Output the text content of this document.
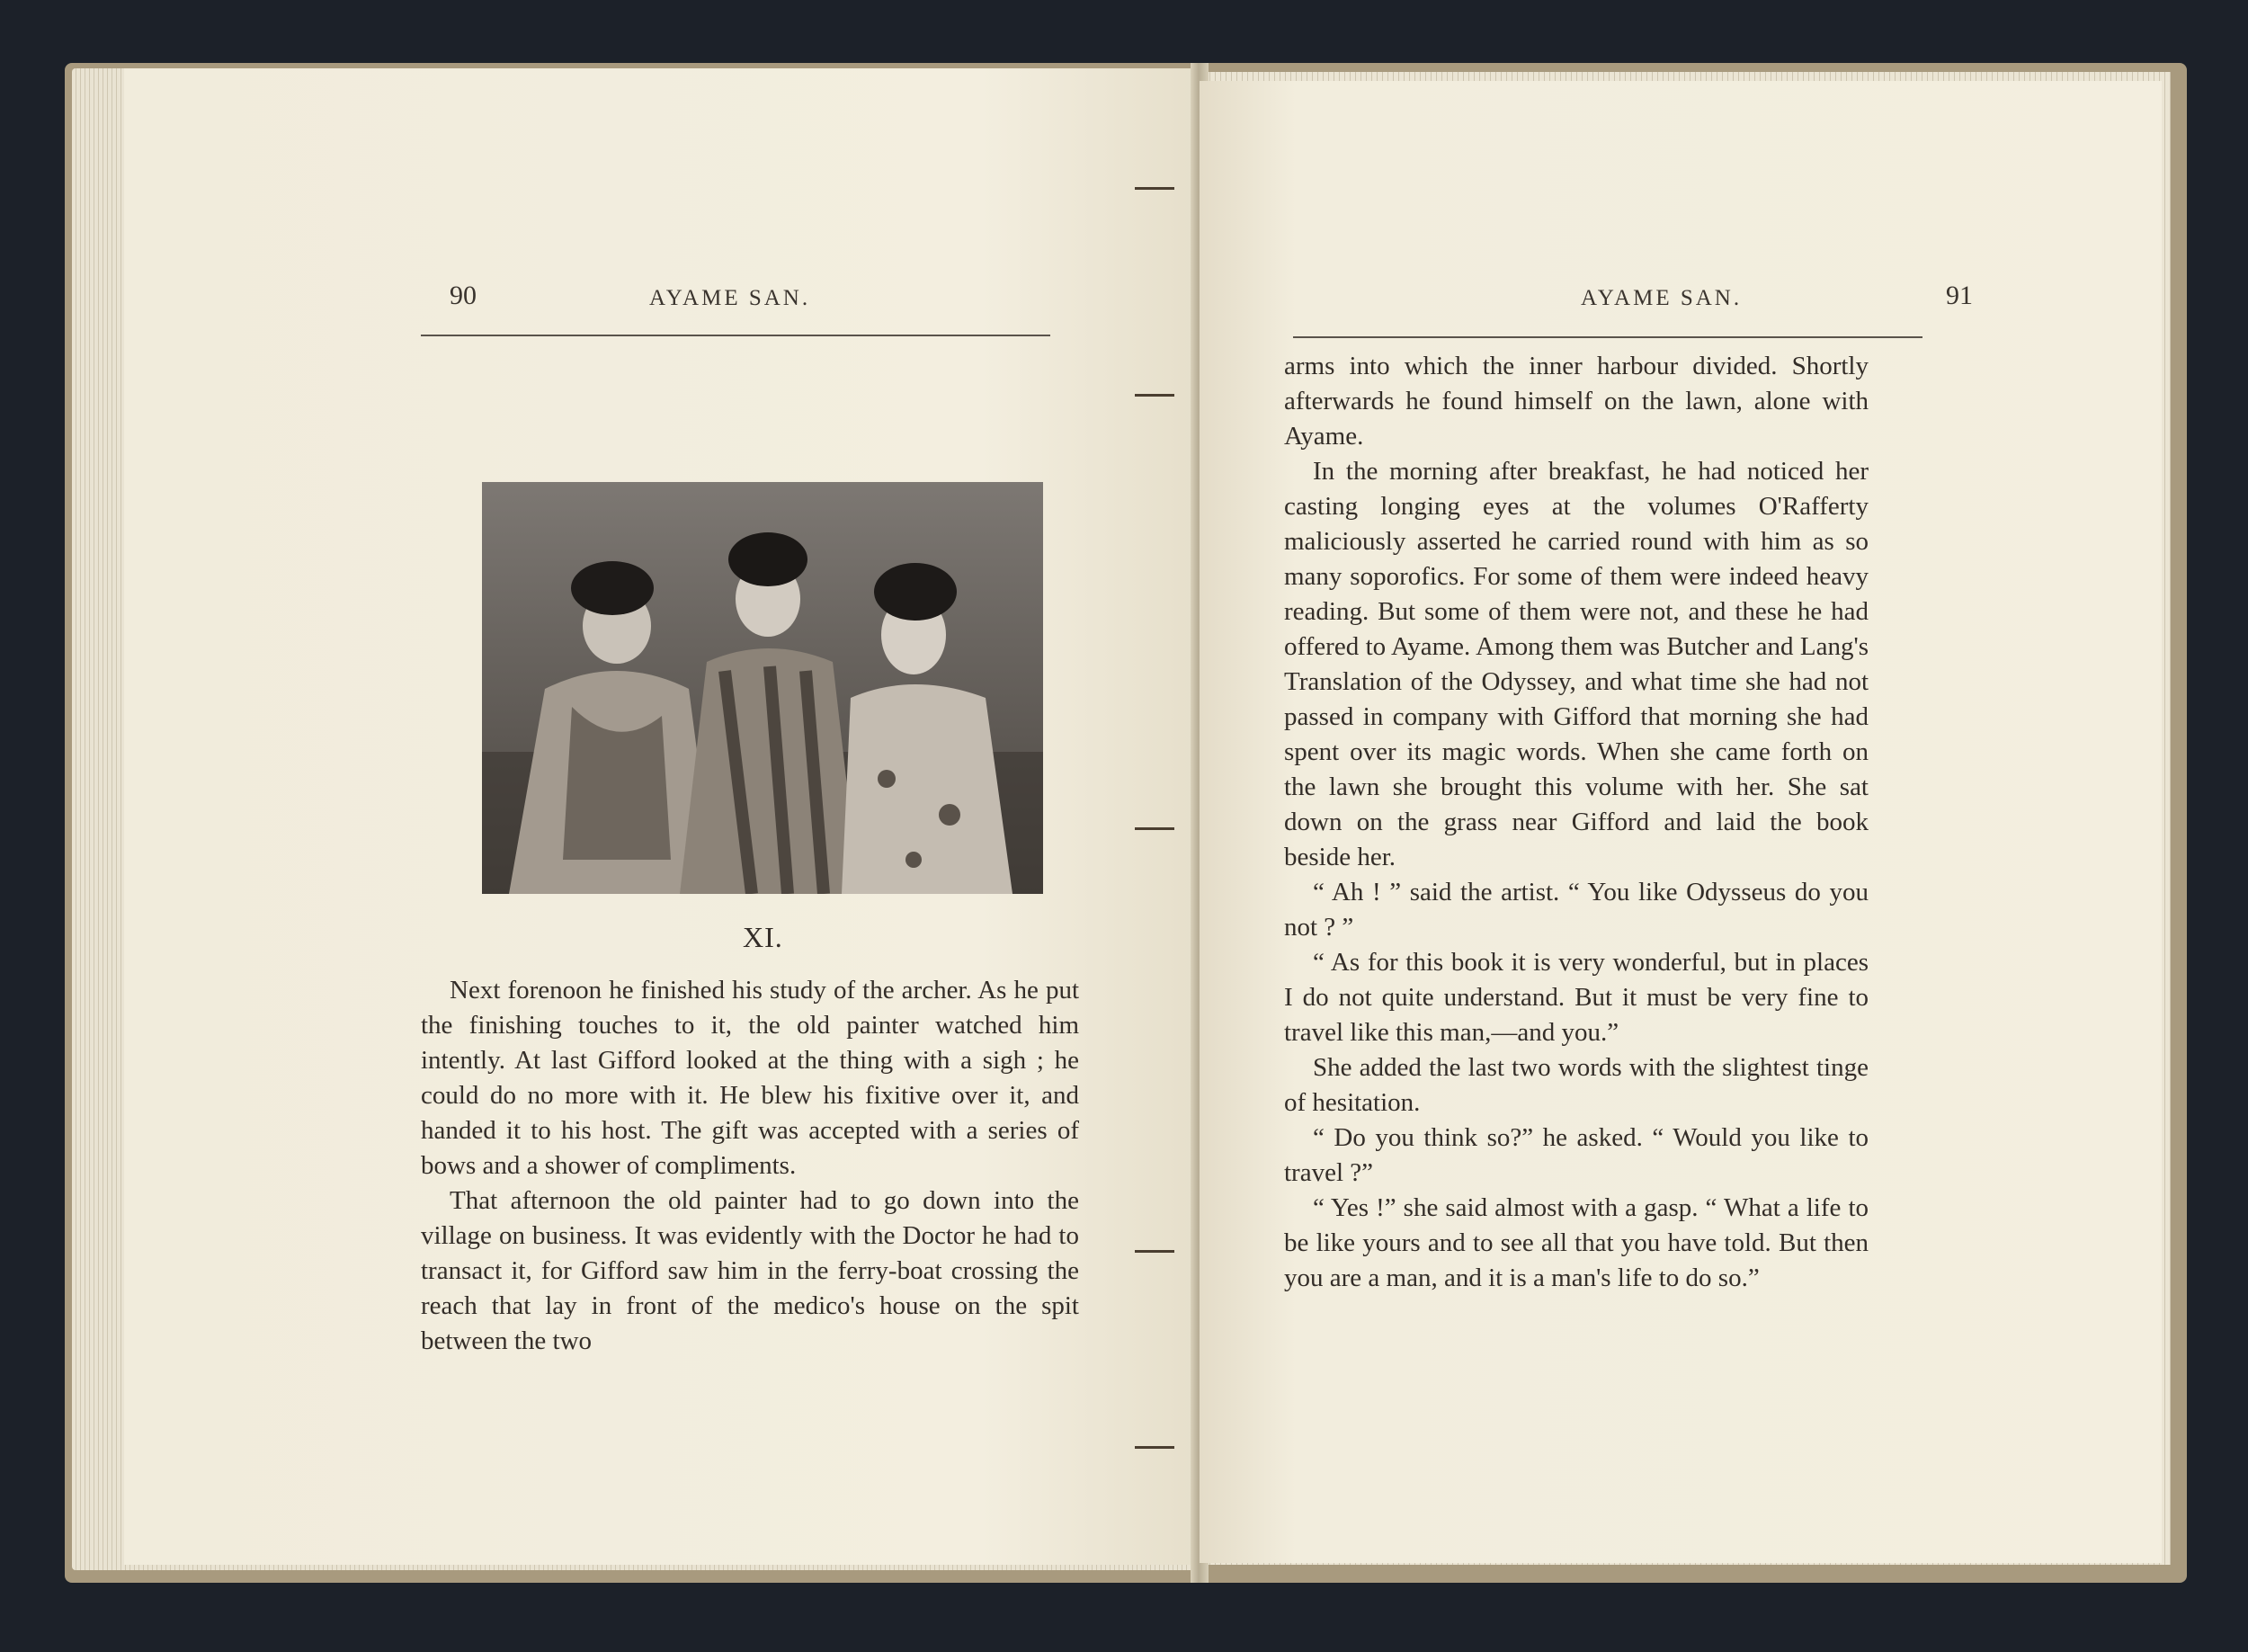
90	AYAME SAN.
XI.

Next forenoon he finished his study of the archer. As he put the finishing touches to it, the old painter watched him intently. At last Gifford looked at the thing with a sigh ; he could do no more with it. He blew his fixitive over it, and handed it to his host. The gift was accepted with a series of bows and a shower of compliments.

That afternoon the old painter had to go down into the village on business. It was evidently with the Doctor he had to transact it, for Gifford saw him in the ferry-boat crossing the reach that lay in front of the medico's house on the spit between the two

AYAME SAN.	91

arms into which the inner harbour divided. Shortly afterwards he found himself on the lawn, alone with Ayame.

In the morning after breakfast, he had noticed her casting longing eyes at the volumes O'Rafferty maliciously asserted he carried round with him as so many soporofics. For some of them were indeed heavy reading. But some of them were not, and these he had offered to Ayame. Among them was Butcher and Lang's Translation of the Odyssey, and what time she had not passed in company with Gifford that morning she had spent over its magic words. When she came forth on the lawn she brought this volume with her. She sat down on the grass near Gifford and laid the book beside her.

“ Ah ! ” said the artist. “ You like Odysseus do you not ? ”

“ As for this book it is very wonderful, but in places I do not quite understand. But it must be very fine to travel like this man,—and you.”

She added the last two words with the slightest tinge of hesitation.

“ Do you think so?” he asked. “ Would you like to travel ?”

“ Yes !” she said almost with a gasp. “ What a life to be like yours and to see all that you have told. But then you are a man, and it is a man's life to do so.”
